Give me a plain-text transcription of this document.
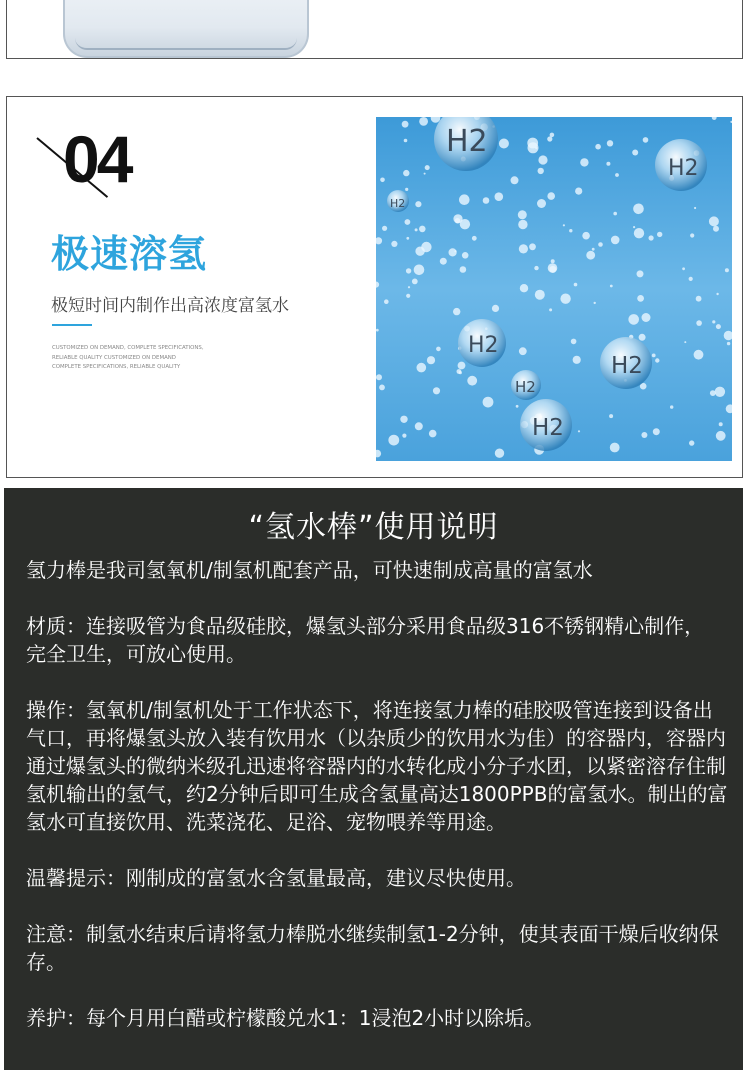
04
极速溶氢
极短时间内制作出高浓度富氢水
CUSTOMIZED ON DEMAND, COMPLETE SPECIFICATIONS,
RELIABLE QUALITY CUSTOMIZED ON DEMAND
COMPLETE SPECIFICATIONS, RELIABLE QUALITY
H2
H2
H2
H2
H2
H2
H2
“氢水棒”使用说明

氢力棒是我司氢氧机/制氢机配套产品，可快速制成高量的富氢水

材质：连接吸管为食品级硅胶，爆氢头部分采用食品级316不锈钢精心制作， 完全卫生，可放心使用。

操作：氢氧机/制氢机处于工作状态下，将连接氢力棒的硅胶吸管连接到设备出气口，再将爆氢头放入装有饮用水（以杂质少的饮用水为佳）的容器内，容器内通过爆氢头的微纳米级孔迅速将容器内的水转化成小分子水团，以紧密溶存住制氢机输出的氢气，约2分钟后即可生成含氢量高达1800PPB的富氢水。制出的富氢水可直接饮用、洗菜浇花、足浴、宠物喂养等用途。

温馨提示：刚制成的富氢水含氢量最高，建议尽快使用。

注意：制氢水结束后请将氢力棒脱水继续制氢1-2分钟，使其表面干燥后收纳保存。

养护：每个月用白醋或柠檬酸兑水1：1浸泡2小时以除垢。
